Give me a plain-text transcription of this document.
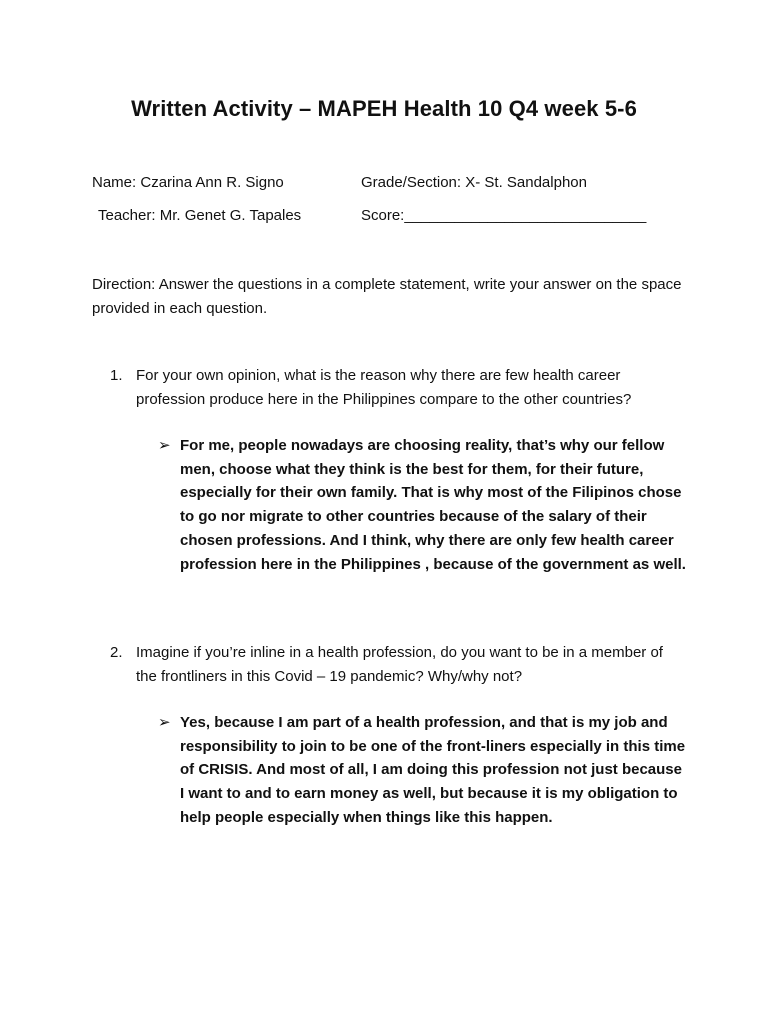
Written Activity – MAPEH Health 10 Q4 week 5-6
Name: Czarina Ann R. Signo	Grade/Section: X- St. Sandalphon
Teacher: Mr. Genet G. Tapales	Score:_____________________________
Direction: Answer the questions in a complete statement, write your answer on the space provided in each question.
1. For your own opinion, what is the reason why there are few health career profession produce here in the Philippines compare to the other countries?
➢ For me, people nowadays are choosing reality, that’s why our fellow men, choose what they think is the best for them, for their future, especially for their own family. That is why most of the Filipinos chose to go nor migrate to other countries because of the salary of their chosen professions. And I think, why there are only few health career profession here in the Philippines , because of the government as well.
2. Imagine if you’re inline in a health profession, do you want to be in a member of the frontliners in this Covid – 19 pandemic? Why/why not?
➢ Yes, because I am part of a health profession, and that is my job and responsibility to join to be one of the front-liners especially in this time of CRISIS. And most of all, I am doing this profession not just because I want to and to earn money as well, but because it is my obligation to help people especially when things like this happen.
